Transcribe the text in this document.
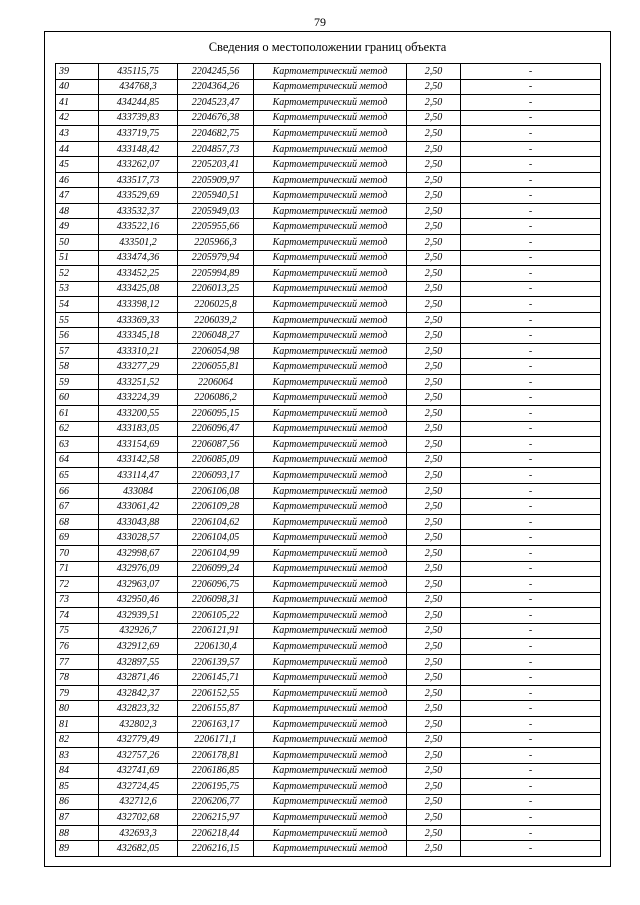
79
Сведения о местоположении границ объекта
39	435115,75	2204245,56	Картометрический метод	2,50	-
40	434768,3	2204364,26	Картометрический метод	2,50	-
41	434244,85	2204523,47	Картометрический метод	2,50	-
42	433739,83	2204676,38	Картометрический метод	2,50	-
43	433719,75	2204682,75	Картометрический метод	2,50	-
44	433148,42	2204857,73	Картометрический метод	2,50	-
45	433262,07	2205203,41	Картометрический метод	2,50	-
46	433517,73	2205909,97	Картометрический метод	2,50	-
47	433529,69	2205940,51	Картометрический метод	2,50	-
48	433532,37	2205949,03	Картометрический метод	2,50	-
49	433522,16	2205955,66	Картометрический метод	2,50	-
50	433501,2	2205966,3	Картометрический метод	2,50	-
51	433474,36	2205979,94	Картометрический метод	2,50	-
52	433452,25	2205994,89	Картометрический метод	2,50	-
53	433425,08	2206013,25	Картометрический метод	2,50	-
54	433398,12	2206025,8	Картометрический метод	2,50	-
55	433369,33	2206039,2	Картометрический метод	2,50	-
56	433345,18	2206048,27	Картометрический метод	2,50	-
57	433310,21	2206054,98	Картометрический метод	2,50	-
58	433277,29	2206055,81	Картометрический метод	2,50	-
59	433251,52	2206064	Картометрический метод	2,50	-
60	433224,39	2206086,2	Картометрический метод	2,50	-
61	433200,55	2206095,15	Картометрический метод	2,50	-
62	433183,05	2206096,47	Картометрический метод	2,50	-
63	433154,69	2206087,56	Картометрический метод	2,50	-
64	433142,58	2206085,09	Картометрический метод	2,50	-
65	433114,47	2206093,17	Картометрический метод	2,50	-
66	433084	2206106,08	Картометрический метод	2,50	-
67	433061,42	2206109,28	Картометрический метод	2,50	-
68	433043,88	2206104,62	Картометрический метод	2,50	-
69	433028,57	2206104,05	Картометрический метод	2,50	-
70	432998,67	2206104,99	Картометрический метод	2,50	-
71	432976,09	2206099,24	Картометрический метод	2,50	-
72	432963,07	2206096,75	Картометрический метод	2,50	-
73	432950,46	2206098,31	Картометрический метод	2,50	-
74	432939,51	2206105,22	Картометрический метод	2,50	-
75	432926,7	2206121,91	Картометрический метод	2,50	-
76	432912,69	2206130,4	Картометрический метод	2,50	-
77	432897,55	2206139,57	Картометрический метод	2,50	-
78	432871,46	2206145,71	Картометрический метод	2,50	-
79	432842,37	2206152,55	Картометрический метод	2,50	-
80	432823,32	2206155,87	Картометрический метод	2,50	-
81	432802,3	2206163,17	Картометрический метод	2,50	-
82	432779,49	2206171,1	Картометрический метод	2,50	-
83	432757,26	2206178,81	Картометрический метод	2,50	-
84	432741,69	2206186,85	Картометрический метод	2,50	-
85	432724,45	2206195,75	Картометрический метод	2,50	-
86	432712,6	2206206,77	Картометрический метод	2,50	-
87	432702,68	2206215,97	Картометрический метод	2,50	-
88	432693,3	2206218,44	Картометрический метод	2,50	-
89	432682,05	2206216,15	Картометрический метод	2,50	-
